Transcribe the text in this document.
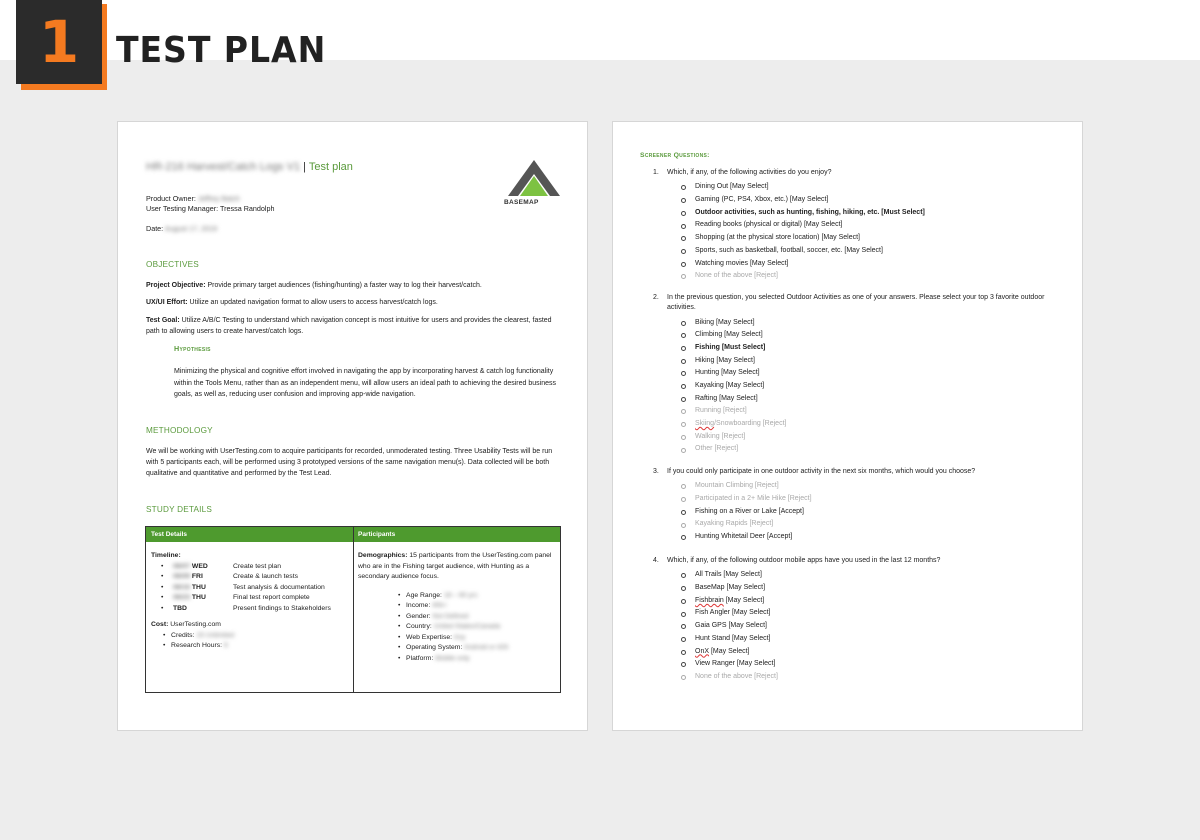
1	TEST PLAN
HR-216 Harvest/Catch Logs V1 | Test plan
BASEMAP
Product Owner: Jeffrey Batch
User Testing Manager: Tressa Randolph
Date: August 17, 2019
OBJECTIVES
Project Objective: Provide primary target audiences (fishing/hunting) a faster way to log their harvest/catch.
UX/UI Effort: Utilize an updated navigation format to allow users to access harvest/catch logs.
Test Goal: Utilize A/B/C Testing to understand which navigation concept is most intuitive for users and provides the clearest, fasted path to allowing users to create harvest/catch logs.
Hypothesis
Minimizing the physical and cognitive effort involved in navigating the app by incorporating harvest & catch log functionality within the Tools Menu, rather than as an independent menu, will allow users an ideal path to achieving the desired business goals, as well as, reducing user confusion and improving app-wide navigation.
METHODOLOGY
We will be working with UserTesting.com to acquire participants for recorded, unmoderated testing. Three Usability Tests will be run with 5 participants each, will be performed using 3 prototyped versions of the same navigation menu(s). Data collected will be both qualitative and quantitative and performed by the Test Lead.
STUDY DETAILS
Test Details	Participants
Timeline:
•	08/07 WED	Create test plan
•	08/09 FRI	Create & launch tests
•	08/16 THU	Test analysis & documentation
•	08/23 THU	Final test report complete
•	TBD	Present findings to Stakeholders
Cost: UserTesting.com
•   Credits: 15 Unlimited
•   Research Hours: 8
Demographics: 15 participants from the UserTesting.com panel who are in the Fishing target audience, with Hunting as a secondary audience focus.
•   Age Range: 18 – 60 yrs
•   Income: 40k+
•   Gender: Not Defined
•   Country: United States/Canada
•   Web Expertise: Any
•   Operating System: Android or iOS
•   Platform: Mobile only
Screener Questions:
1.	Which, if any, of the following activities do you enjoy?
Dining Out [May Select]
Gaming (PC, PS4, Xbox, etc.) [May Select]
Outdoor activities, such as hunting, fishing, hiking, etc. [Must Select]
Reading books (physical or digital) [May Select]
Shopping (at the physical store location) [May Select]
Sports, such as basketball, football, soccer, etc. [May Select]
Watching movies [May Select]
None of the above [Reject]
2.	In the previous question, you selected Outdoor Activities as one of your answers. Please select your top 3 favorite outdoor activities.
Biking [May Select]
Climbing [May Select]
Fishing [Must Select]
Hiking [May Select]
Hunting [May Select]
Kayaking [May Select]
Rafting [May Select]
Running [Reject]
Skiing/Snowboarding [Reject]
Walking [Reject]
Other [Reject]
3.	If you could only participate in one outdoor activity in the next six months, which would you choose?
Mountain Climbing [Reject]
Participated in a 2+ Mile Hike [Reject]
Fishing on a River or Lake [Accept]
Kayaking Rapids [Reject]
Hunting Whitetail Deer [Accept]
4.	Which, if any, of the following outdoor mobile apps have you used in the last 12 months?
All Trails [May Select]
BaseMap [May Select]
Fishbrain [May Select]
Fish Angler [May Select]
Gaia GPS [May Select]
Hunt Stand [May Select]
OnX [May Select]
View Ranger [May Select]
None of the above [Reject]
